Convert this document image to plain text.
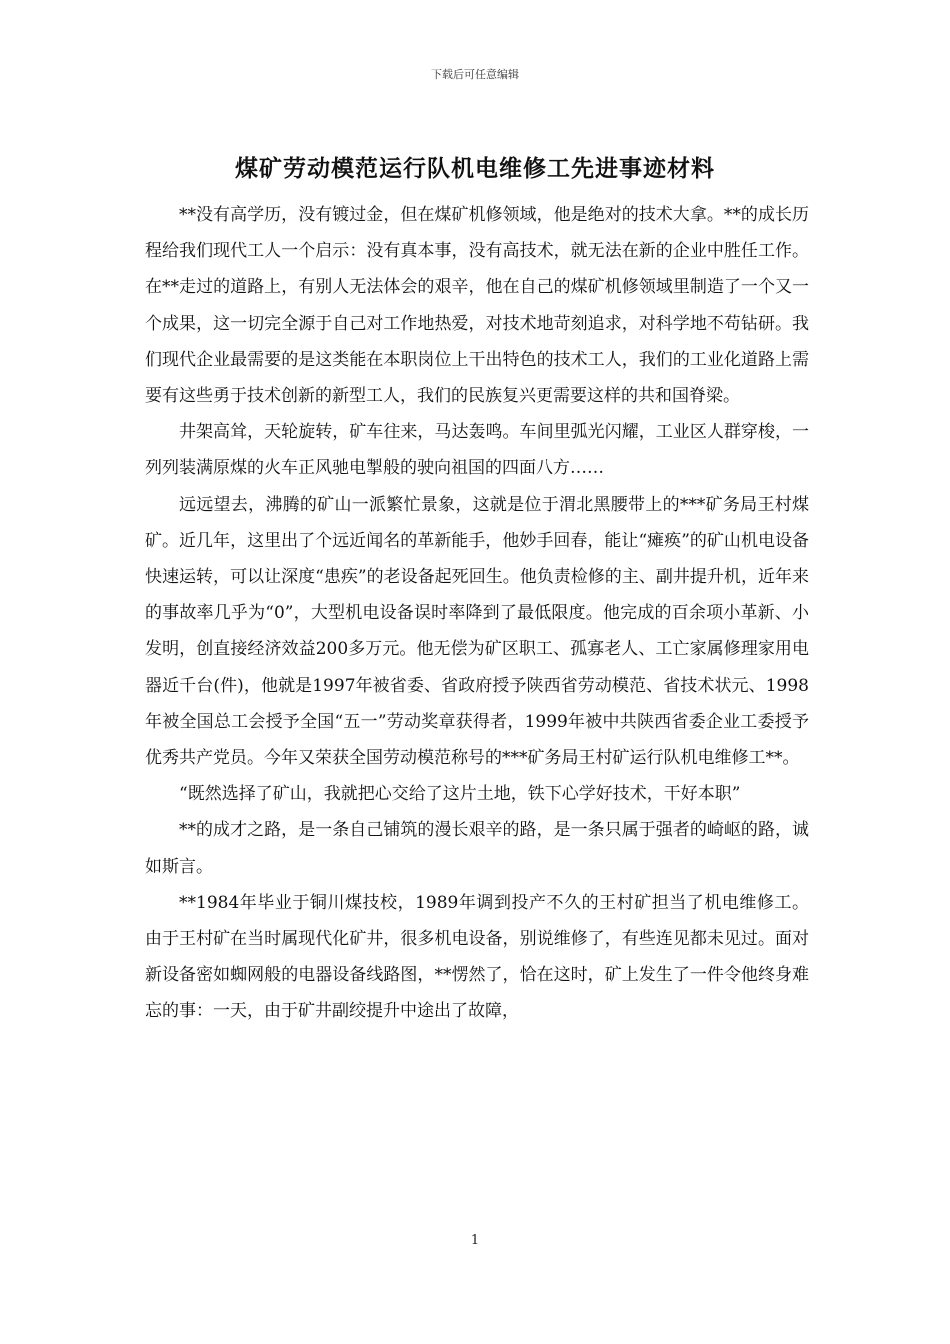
下载后可任意编辑
煤矿劳动模范运行队机电维修工先进事迹材料

**没有高学历，没有镀过金，但在煤矿机修领域，他是绝对的技术大拿。**的成长历程给我们现代工人一个启示：没有真本事，没有高技术，就无法在新的企业中胜任工作。在**走过的道路上，有别人无法体会的艰辛，他在自己的煤矿机修领域里制造了一个又一个成果，这一切完全源于自己对工作地热爱，对技术地苛刻追求，对科学地不苟钻研。我们现代企业最需要的是这类能在本职岗位上干出特色的技术工人，我们的工业化道路上需要有这些勇于技术创新的新型工人，我们的民族复兴更需要这样的共和国脊梁。

井架高耸，天轮旋转，矿车往来，马达轰鸣。车间里弧光闪耀，工业区人群穿梭，一列列装满原煤的火车正风驰电掣般的驶向祖国的四面八方……

远远望去，沸腾的矿山一派繁忙景象，这就是位于渭北黑腰带上的***矿务局王村煤矿。近几年，这里出了个远近闻名的革新能手，他妙手回春，能让“瘫痪”的矿山机电设备快速运转，可以让深度“患疾”的老设备起死回生。他负责检修的主、副井提升机，近年来的事故率几乎为“0”，大型机电设备误时率降到了最低限度。他完成的百余项小革新、小发明，创直接经济效益200多万元。他无偿为矿区职工、孤寡老人、工亡家属修理家用电器近千台(件)，他就是1997年被省委、省政府授予陕西省劳动模范、省技术状元、1998年被全国总工会授予全国“五一”劳动奖章获得者，1999年被中共陕西省委企业工委授予优秀共产党员。今年又荣获全国劳动模范称号的***矿务局王村矿运行队机电维修工**。

“既然选择了矿山，我就把心交给了这片土地，铁下心学好技术，干好本职”

**的成才之路，是一条自己铺筑的漫长艰辛的路，是一条只属于强者的崎岖的路，诚如斯言。

**1984年毕业于铜川煤技校，1989年调到投产不久的王村矿担当了机电维修工。由于王村矿在当时属现代化矿井，很多机电设备，别说维修了，有些连见都未见过。面对新设备密如蜘网般的电器设备线路图，**愣然了，恰在这时，矿上发生了一件令他终身难忘的事：一天，由于矿井副绞提升中途出了故障，

1
